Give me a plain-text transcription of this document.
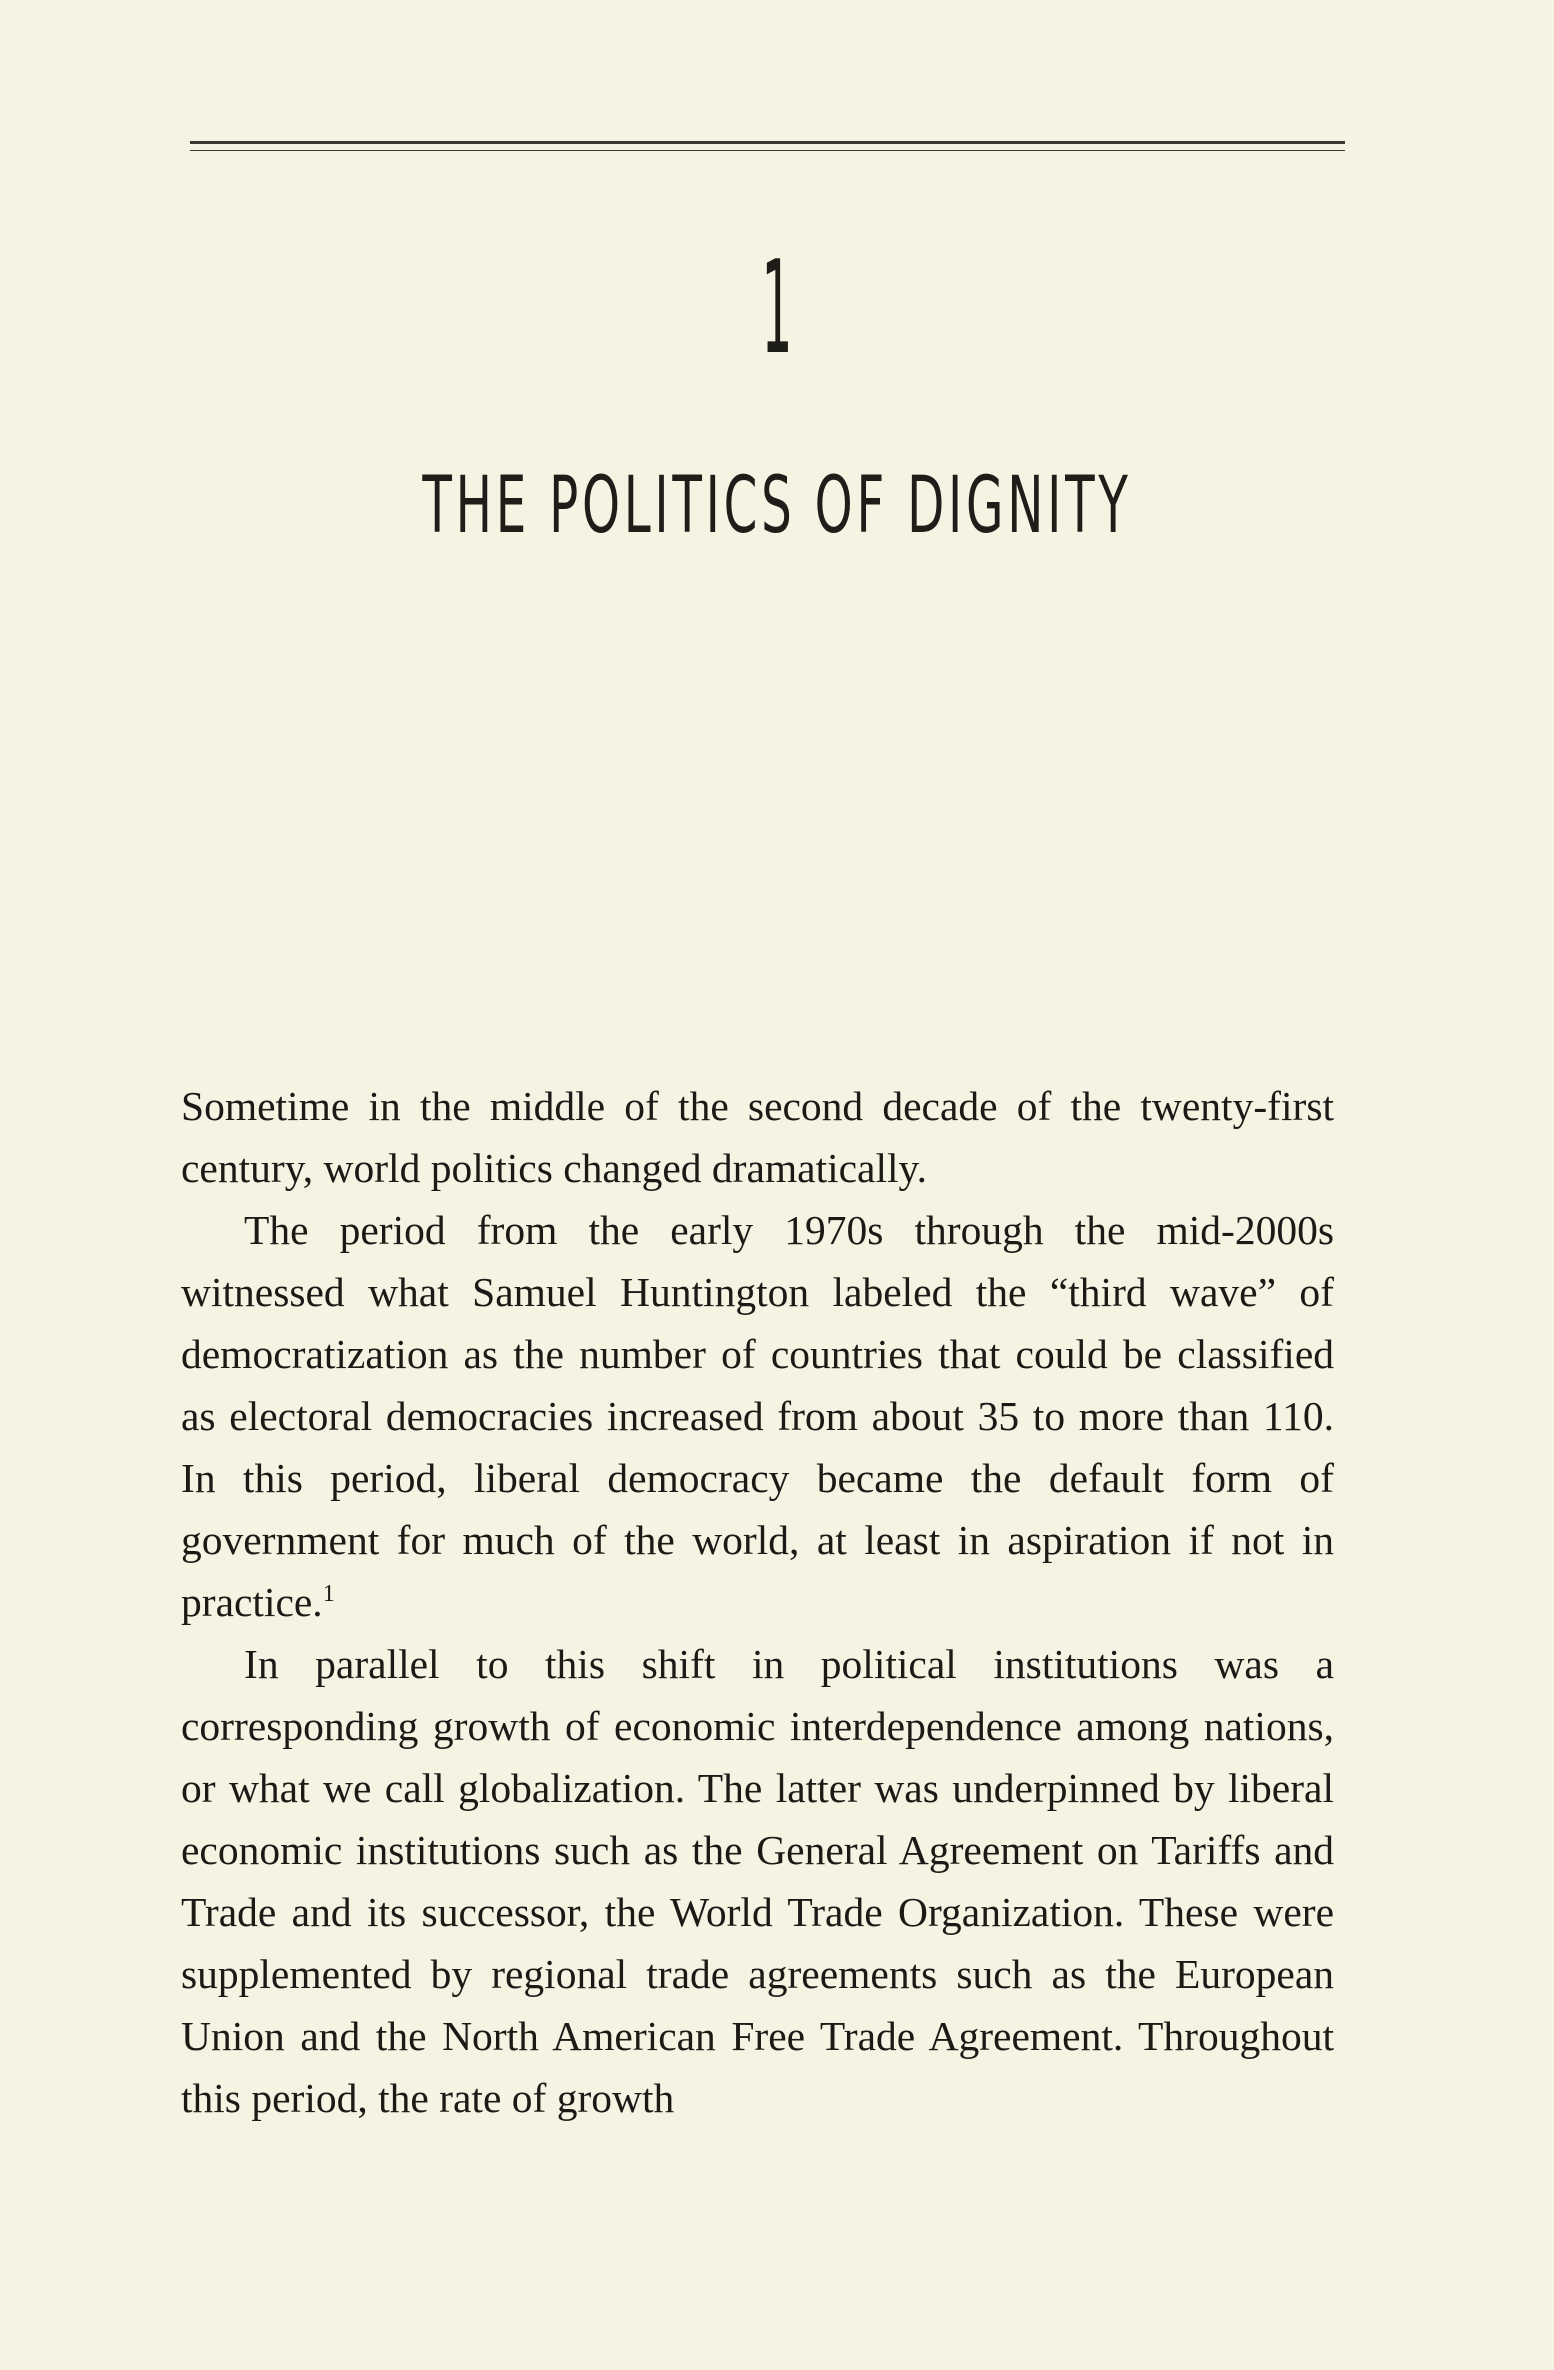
1
THE POLITICS OF DIGNITY

Sometime in the middle of the second decade of the twenty-first century, world politics changed dramatically.

The period from the early 1970s through the mid-2000s witnessed what Samuel Huntington labeled the “third wave” of democratization as the number of countries that could be classified as electoral democracies increased from about 35 to more than 110. In this period, liberal democracy became the default form of government for much of the world, at least in aspiration if not in practice.$^1$

In parallel to this shift in political institutions was a corresponding growth of economic interdependence among nations, or what we call globalization. The latter was underpinned by liberal economic institutions such as the General Agreement on Tariffs and Trade and its successor, the World Trade Organization. These were supplemented by regional trade agreements such as the European Union and the North American Free Trade Agreement. Throughout this period, the rate of growth
